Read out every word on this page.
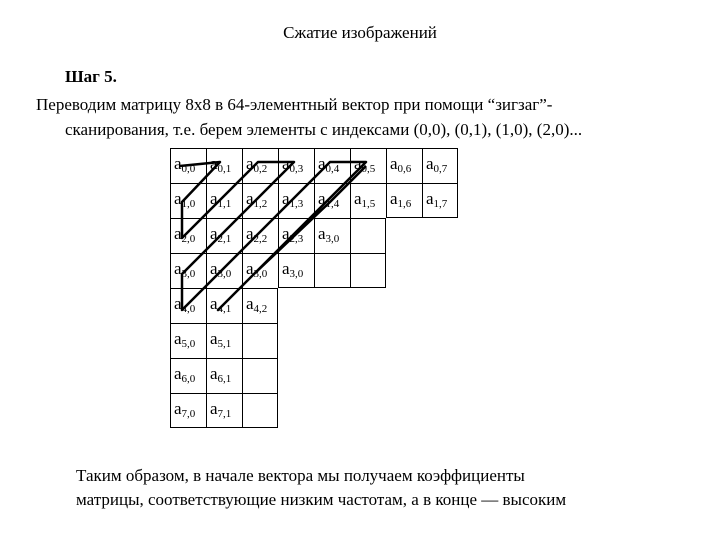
Сжатие изображений
Шаг 5.
Переводим матрицу 8х8 в 64-элементный вектор при помощи “зигзаг”-
сканирования, т.е. берем элементы с индексами (0,0), (0,1), (1,0), (2,0)...
$a_{0,0}$ $a_{0,1}$ $a_{0,2}$ $a_{0,3}$ $a_{0,4}$ $a_{0,5}$ $a_{0,6}$ $a_{0,7}$
$a_{1,0}$ $a_{1,1}$ $a_{1,2}$ $a_{1,3}$ $a_{1,4}$ $a_{1,5}$ $a_{1,6}$ $a_{1,7}$
$a_{2,0}$ $a_{2,1}$ $a_{2,2}$ $a_{2,3}$ $a_{3,0}$
$a_{3,0}$ $a_{3,0}$ $a_{3,0}$ $a_{3,0}$
$a_{4,0}$ $a_{4,1}$ $a_{4,2}$
$a_{5,0}$ $a_{5,1}$
$a_{6,0}$ $a_{6,1}$
$a_{7,0}$ $a_{7,1}$
Таким образом, в начале вектора мы получаем коэффициенты
матрицы, соответствующие низким частотам, а в конце — высоким
